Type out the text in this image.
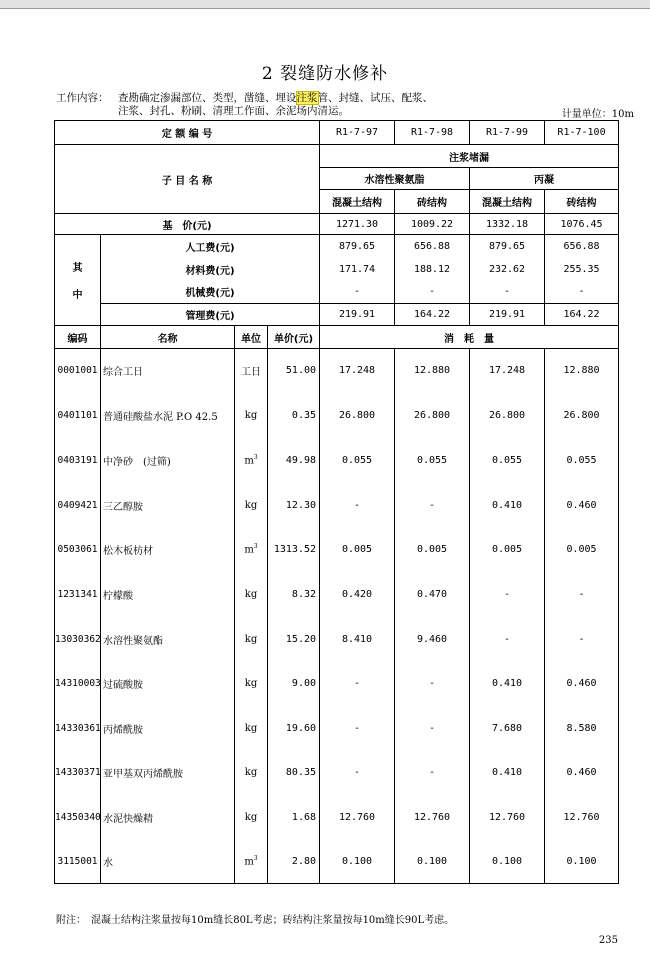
2 裂缝防水修补
工作内容： 查勘确定渗漏部位、类型，凿缝、埋设注浆管、封缝、试压、配浆、
注浆、封孔、粉刷、清理工作面、余泥场内清运。	计量单位：10m
定 额 编 号				R1-7-97	R1-7-98	R1-7-99	R1-7-100
子 目 名 称				注浆堵漏			
				水溶性聚氨脂		丙凝	
				混凝土结构	砖结构	混凝土结构	砖结构
基　价(元)				1271.30	1009.22	1332.18	1076.45

其
中	人工费(元)			879.65	656.88	879.65	656.88
	材料费(元)			171.74	188.12	232.62	255.35
	机械费(元)			-	-	-	-
	管理费(元)			219.91	164.22	219.91	164.22
编码	名称	单位	单价(元)	消　耗　量			
0001001	综合工日	工日	51.00	17.248	12.880	17.248	12.880
0401101	普通硅酸盐水泥 P.O 42.5	kg	0.35	26.800	26.800	26.800	26.800
0403191	中净砂　(过筛)	$m^3$	49.98	0.055	0.055	0.055	0.055
0409421	三乙醇胺	kg	12.30	-	-	0.410	0.460
0503061	松木板枋材	$m^3$	1313.52	0.005	0.005	0.005	0.005
1231341	柠檬酸	kg	8.32	0.420	0.470	-	-
13030362	水溶性聚氨酯	kg	15.20	8.410	9.460	-	-
14310003	过硫酸胺	kg	9.00	-	-	0.410	0.460
14330361	丙烯酰胺	kg	19.60	-	-	7.680	8.580
14330371	亚甲基双丙烯酰胺	kg	80.35	-	-	0.410	0.460
14350340	水泥快燥精	kg	1.68	12.760	12.760	12.760	12.760
3115001	水	$m^3$	2.80	0.100	0.100	0.100	0.100
附注：　混凝土结构注浆量按每10m缝长80L考虑；砖结构注浆量按每10m缝长90L考虑。
235
